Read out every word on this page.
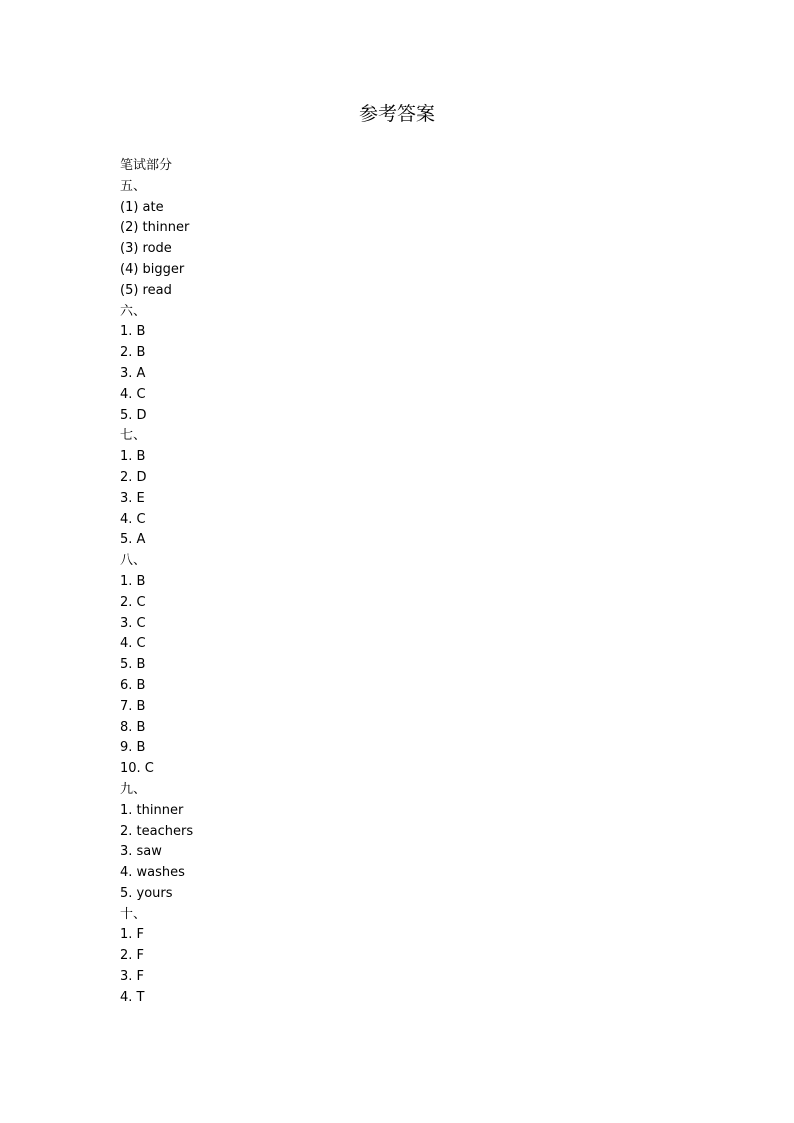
参考答案
笔试部分
五、
(1) ate
(2) thinner
(3) rode
(4) bigger
(5) read
六、
1. B
2. B
3. A
4. C
5. D
七、
1. B
2. D
3. E
4. C
5. A
八、
1. B
2. C
3. C
4. C
5. B
6. B
7. B
8. B
9. B
10. C
九、
1. thinner
2. teachers
3. saw
4. washes
5. yours
十、
1. F
2. F
3. F
4. T
